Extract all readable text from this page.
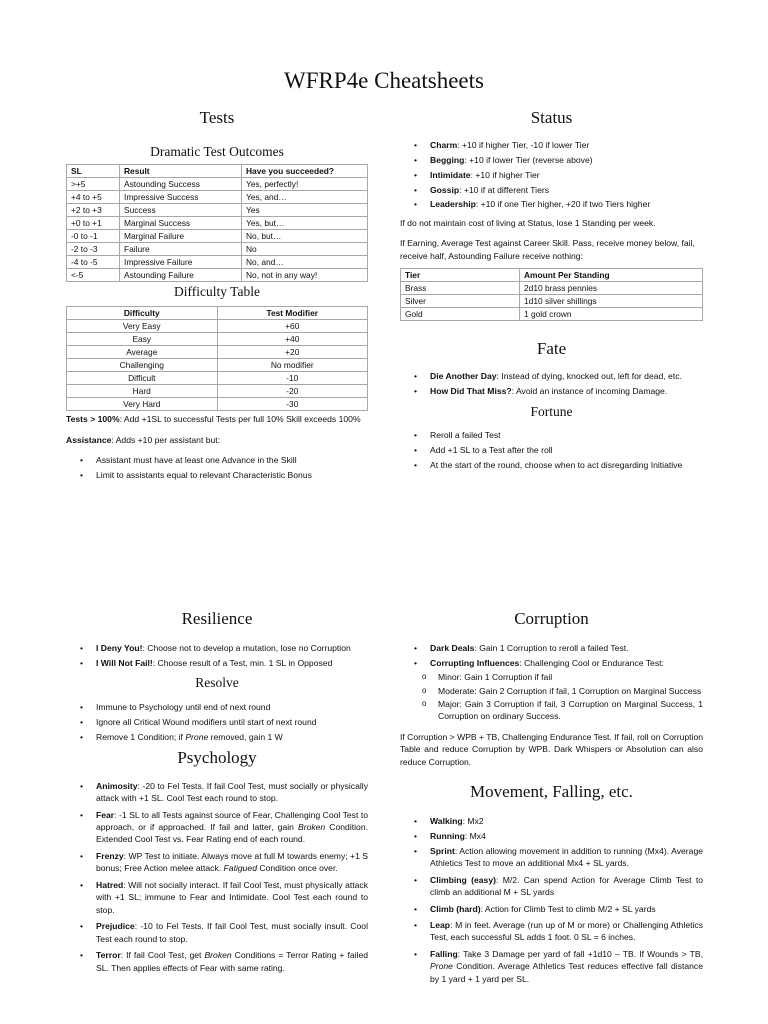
WFRP4e Cheatsheets
Tests
Dramatic Test Outcomes
SL	Result	Have you succeeded?
>+5	Astounding Success	Yes, perfectly!
+4 to +5	Impressive Success	Yes, and…
+2 to +3	Success	Yes
+0 to +1	Marginal Success	Yes, but…
-0 to -1	Marginal Failure	No, but…
-2 to -3	Failure	No
-4 to -5	Impressive Failure	No, and…
<-5	Astounding Failure	No, not in any way!
Difficulty Table
Difficulty	Test Modifier
Very Easy	+60
Easy	+40
Average	+20
Challenging	No modifier
Difficult	-10
Hard	-20
Very Hard	-30

Tests > 100%: Add +1SL to successful Tests per full 10% Skill exceeds 100%

Assistance: Adds +10 per assistant but:

• Assistant must have at least one Advance in the Skill
• Limit to assistants equal to relevant Characteristic Bonus
Status
• Charm: +10 if higher Tier, -10 if lower Tier
• Begging: +10 if lower Tier (reverse above)
• Intimidate: +10 if higher Tier
• Gossip: +10 if at different Tiers
• Leadership: +10 if one Tier higher, +20 if two Tiers higher

If do not maintain cost of living at Status, lose 1 Standing per week.

If Earning, Average Test against Career Skill. Pass, receive money below, fail, receive half, Astounding Failure receive nothing:

Tier	Amount Per Standing
Brass	2d10 brass pennies
Silver	1d10 silver shillings
Gold	1 gold crown
Fate
• Die Another Day: Instead of dying, knocked out, left for dead, etc.
• How Did That Miss?: Avoid an instance of incoming Damage.
Fortune
• Reroll a failed Test
• Add +1 SL to a Test after the roll
• At the start of the round, choose when to act disregarding Initiative
Resilience
• I Deny You!: Choose not to develop a mutation, lose no Corruption
• I Will Not Fail!: Choose result of a Test, min. 1 SL in Opposed
Resolve
• Immune to Psychology until end of next round
• Ignore all Critical Wound modifiers until start of next round
• Remove 1 Condition; if Prone removed, gain 1 W
Psychology
• Animosity: -20 to Fel Tests. If fail Cool Test, must socially or physically attack with +1 SL. Cool Test each round to stop.
• Fear: -1 SL to all Tests against source of Fear, Challenging Cool Test to approach, or if approached. If fail and latter, gain Broken Condition. Extended Cool Test vs. Fear Rating end of each round.
• Frenzy: WP Test to initiate. Always move at full M towards enemy; +1 S bonus; Free Action melee attack. Fatigued Condition once over.
• Hatred: Will not socially interact. If fail Cool Test, must physically attack with +1 SL; immune to Fear and Intimidate. Cool Test each round to stop.
• Prejudice: -10 to Fel Tests. If fail Cool Test, must socially insult. Cool Test each round to stop.
• Terror: If fail Cool Test, get Broken Conditions = Terror Rating + failed SL. Then applies effects of Fear with same rating.
Corruption
• Dark Deals: Gain 1 Corruption to reroll a failed Test.
• Corrupting Influences: Challenging Cool or Endurance Test:
o Minor: Gain 1 Corruption if fail
o Moderate: Gain 2 Corruption if fail, 1 Corruption on Marginal Success
o Major: Gain 3 Corruption if fail, 3 Corruption on Marginal Success, 1 Corruption on ordinary Success.

If Corruption > WPB + TB, Challenging Endurance Test. If fail, roll on Corruption Table and reduce Corruption by WPB. Dark Whispers or Absolution can also reduce Corruption.

Movement, Falling, etc.
• Walking: Mx2
• Running: Mx4
• Sprint: Action allowing movement in addition to running (Mx4). Average Athletics Test to move an additional Mx4 + SL yards.
• Climbing (easy): M/2. Can spend Action for Average Climb Test to climb an additional M + SL yards
• Climb (hard): Action for Climb Test to climb M/2 + SL yards
• Leap: M in feet. Average (run up of M or more) or Challenging Athletics Test, each successful SL adds 1 foot. 0 SL = 6 inches.
• Falling: Take 3 Damage per yard of fall +1d10 – TB. If Wounds > TB, Prone Condition. Average Athletics Test reduces effective fall distance by 1 yard + 1 yard per SL.
